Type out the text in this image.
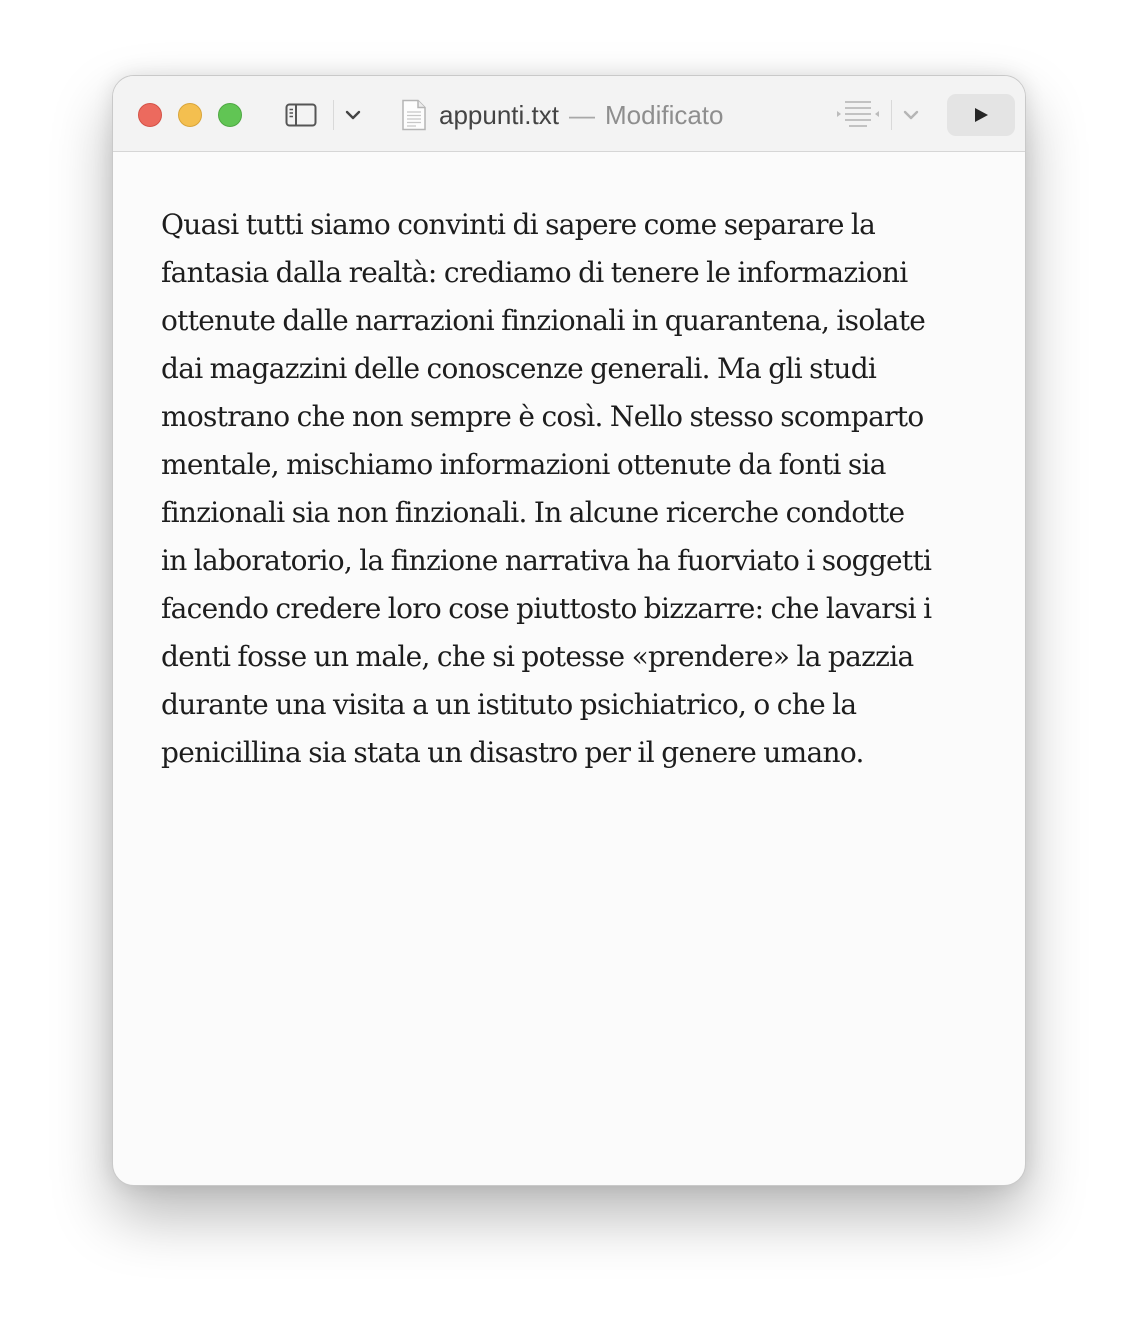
appunti.txt — Modificato
Quasi tutti siamo convinti di sapere come separare la
fantasia dalla realtà: crediamo di tenere le informazioni
ottenute dalle narrazioni finzionali in quarantena, isolate
dai magazzini delle conoscenze generali. Ma gli studi
mostrano che non sempre è così. Nello stesso scomparto
mentale, mischiamo informazioni ottenute da fonti sia
finzionali sia non finzionali. In alcune ricerche condotte
in laboratorio, la finzione narrativa ha fuorviato i soggetti
facendo credere loro cose piuttosto bizzarre: che lavarsi i
denti fosse un male, che si potesse «prendere» la pazzia
durante una visita a un istituto psichiatrico, o che la
penicillina sia stata un disastro per il genere umano.
